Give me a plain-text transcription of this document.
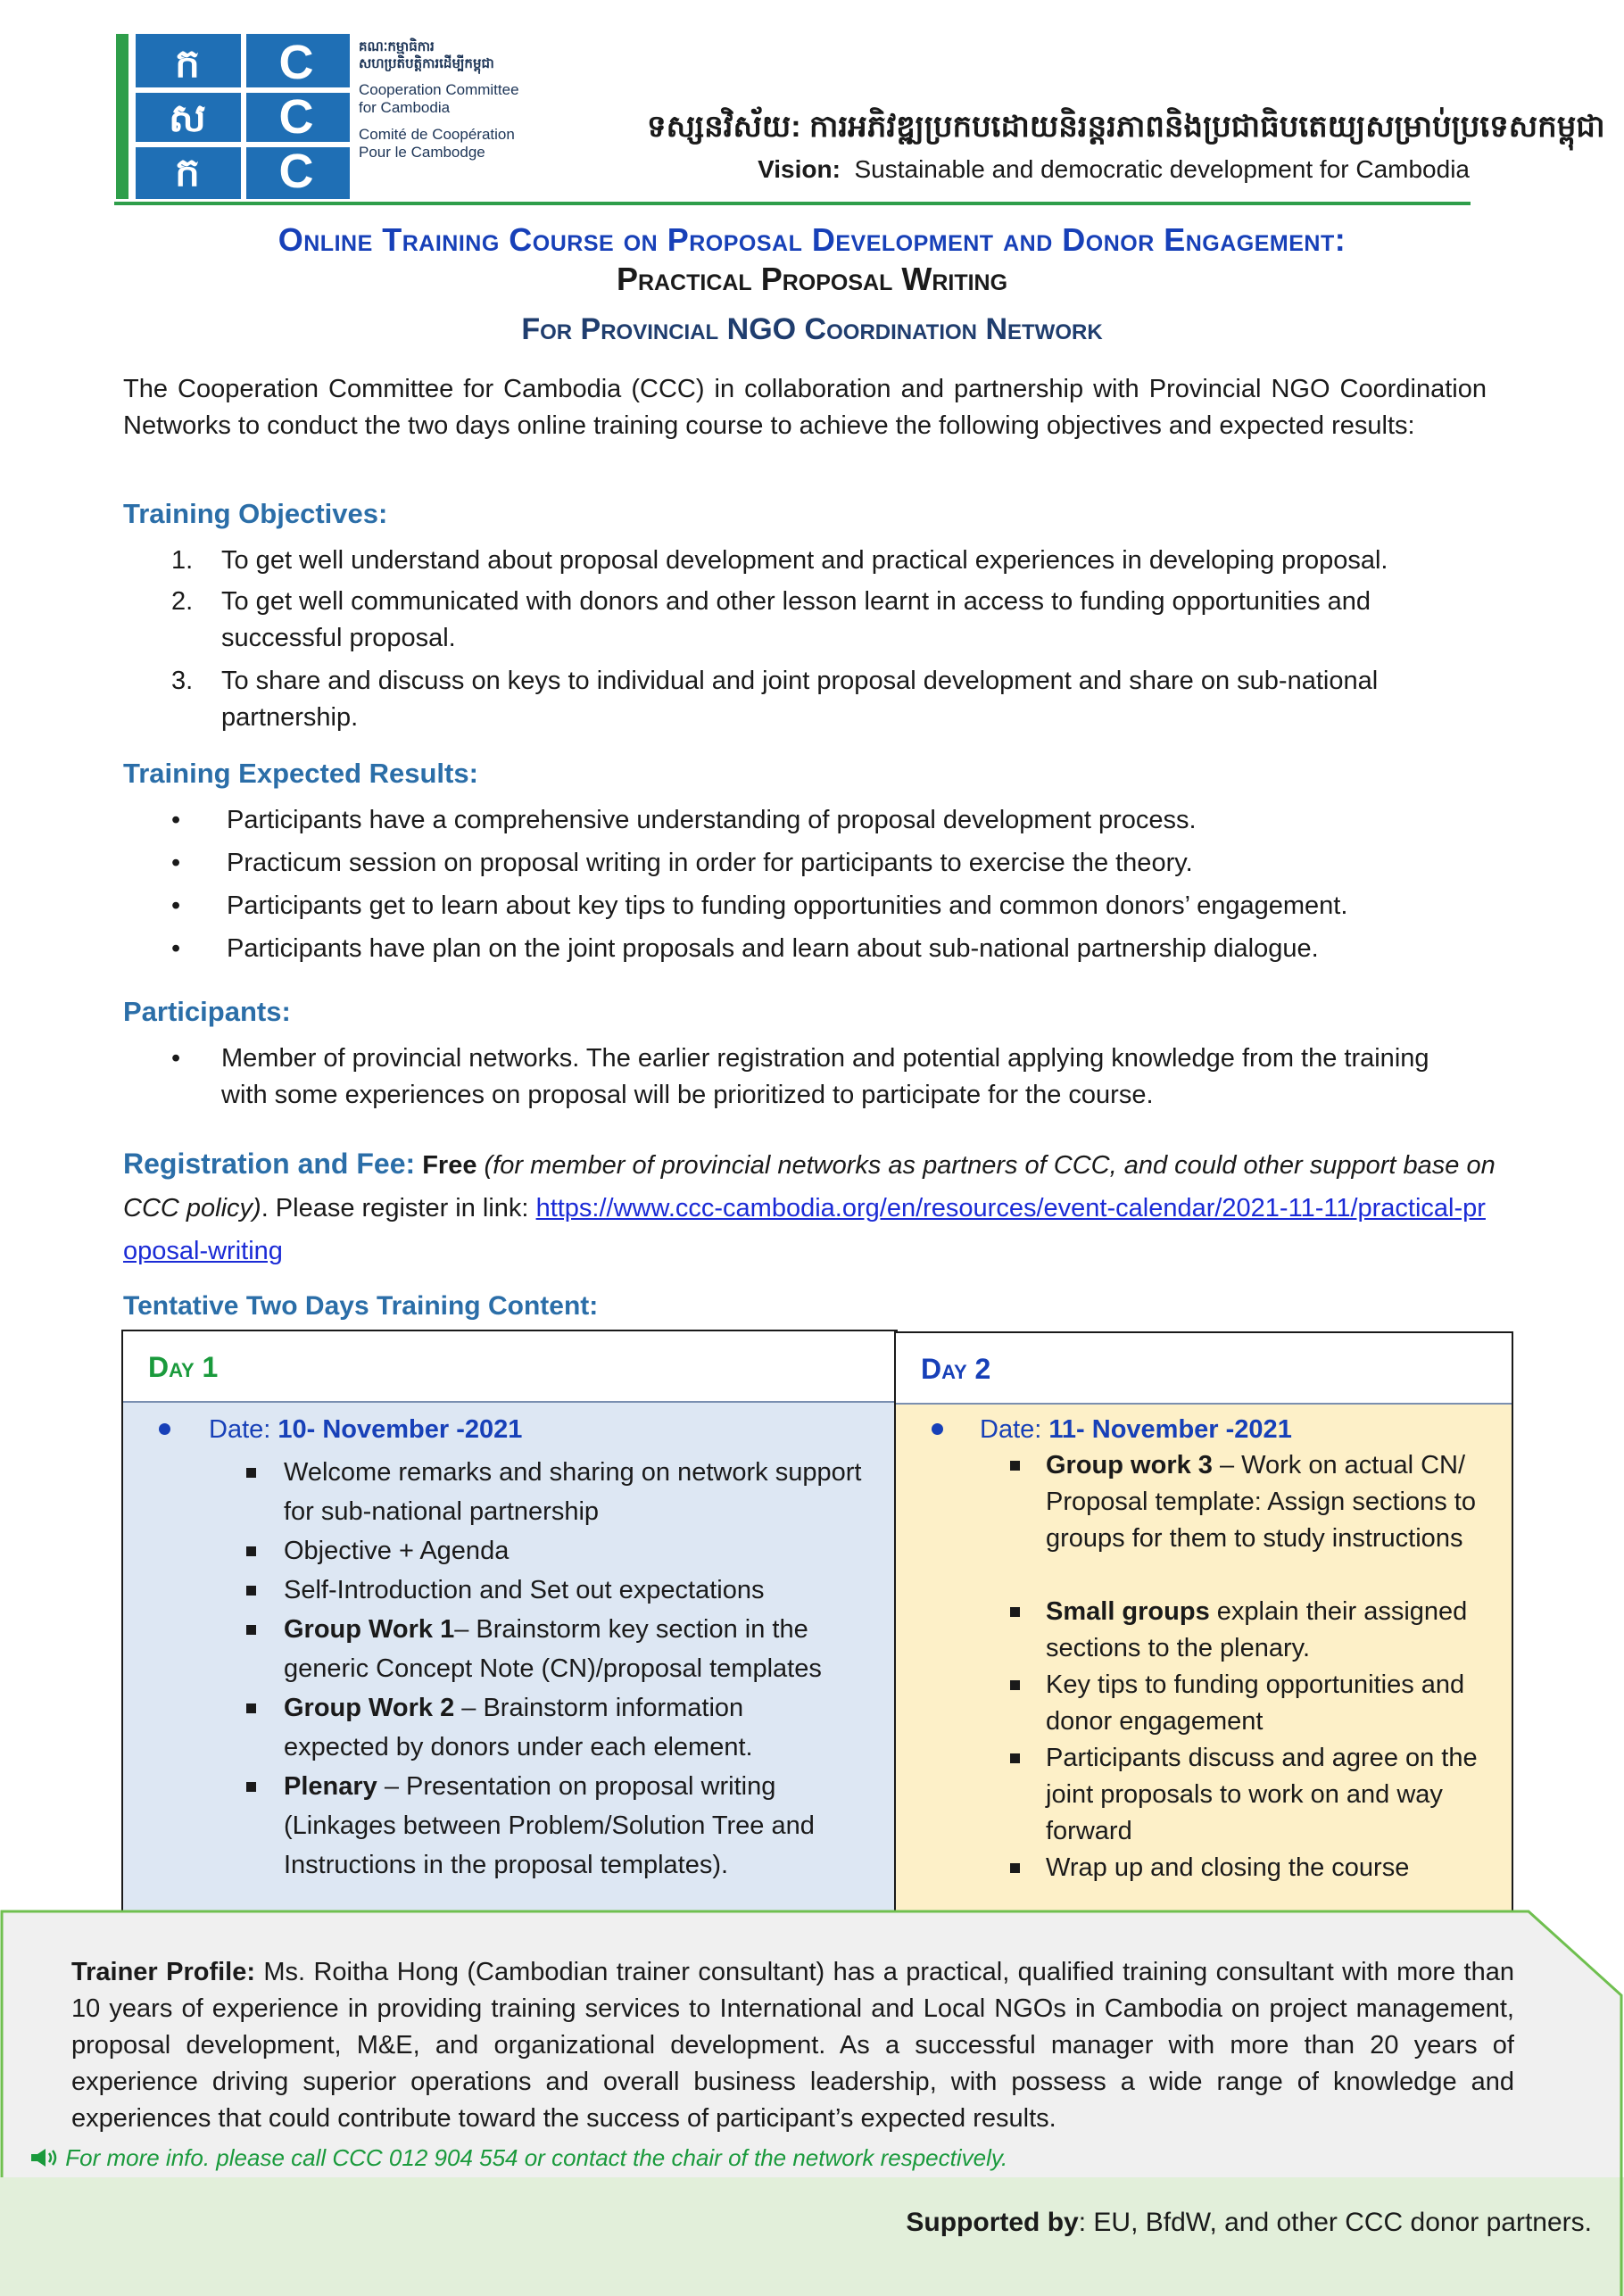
ក C
ស C
ក C
គណៈកម្មាធិការ
សហប្រតិបត្តិការដើម្បីកម្ពុជា
Cooperation Committee
for Cambodia
Comité de Coopération
Pour le Cambodge
ទស្សនវិស័យ: ការអភិវឌ្ឍប្រកបដោយនិរន្តរភាពនិងប្រជាធិបតេយ្យសម្រាប់ប្រទេសកម្ពុជា
Vision: Sustainable and democratic development for Cambodia
Online Training Course on Proposal Development and Donor Engagement:
Practical Proposal Writing
For Provincial NGO Coordination Network
The Cooperation Committee for Cambodia (CCC) in collaboration and partnership with Provincial NGO Coordination Networks to conduct the two days online training course to achieve the following objectives and expected results:
Training Objectives:
1. To get well understand about proposal development and practical experiences in developing proposal.
2. To get well communicated with donors and other lesson learnt in access to funding opportunities and successful proposal.
3. To share and discuss on keys to individual and joint proposal development and share on sub-national partnership.
Training Expected Results:
• Participants have a comprehensive understanding of proposal development process.
• Practicum session on proposal writing in order for participants to exercise the theory.
• Participants get to learn about key tips to funding opportunities and common donors’ engagement.
• Participants have plan on the joint proposals and learn about sub-national partnership dialogue.
Participants:
• Member of provincial networks. The earlier registration and potential applying knowledge from the training with some experiences on proposal will be prioritized to participate for the course.
Registration and Fee: Free (for member of provincial networks as partners of CCC, and could other support base on CCC policy). Please register in link: https://www.ccc-cambodia.org/en/resources/event-calendar/2021-11-11/practical-proposal-writing
Tentative Two Days Training Content:
Day 1
Date: 10- November -2021
Welcome remarks and sharing on network support for sub-national partnership
Objective + Agenda
Self-Introduction and Set out expectations
Group Work 1– Brainstorm key section in the generic Concept Note (CN)/proposal templates
Group Work 2 – Brainstorm information expected by donors under each element.
Plenary – Presentation on proposal writing (Linkages between Problem/Solution Tree and Instructions in the proposal templates).
Day 2
Date: 11- November -2021
Group work 3 – Work on actual CN/ Proposal template: Assign sections to groups for them to study instructions
Small groups explain their assigned sections to the plenary.
Key tips to funding opportunities and donor engagement
Participants discuss and agree on the joint proposals to work on and way forward
Wrap up and closing the course
Trainer Profile: Ms. Roitha Hong (Cambodian trainer consultant) has a practical, qualified training consultant with more than 10 years of experience in providing training services to International and Local NGOs in Cambodia on project management, proposal development, M&E, and organizational development. As a successful manager with more than 20 years of experience driving superior operations and overall business leadership, with possess a wide range of knowledge and experiences that could contribute toward the success of participant’s expected results.
For more info. please call CCC 012 904 554 or contact the chair of the network respectively.
Supported by: EU, BfdW, and other CCC donor partners.
